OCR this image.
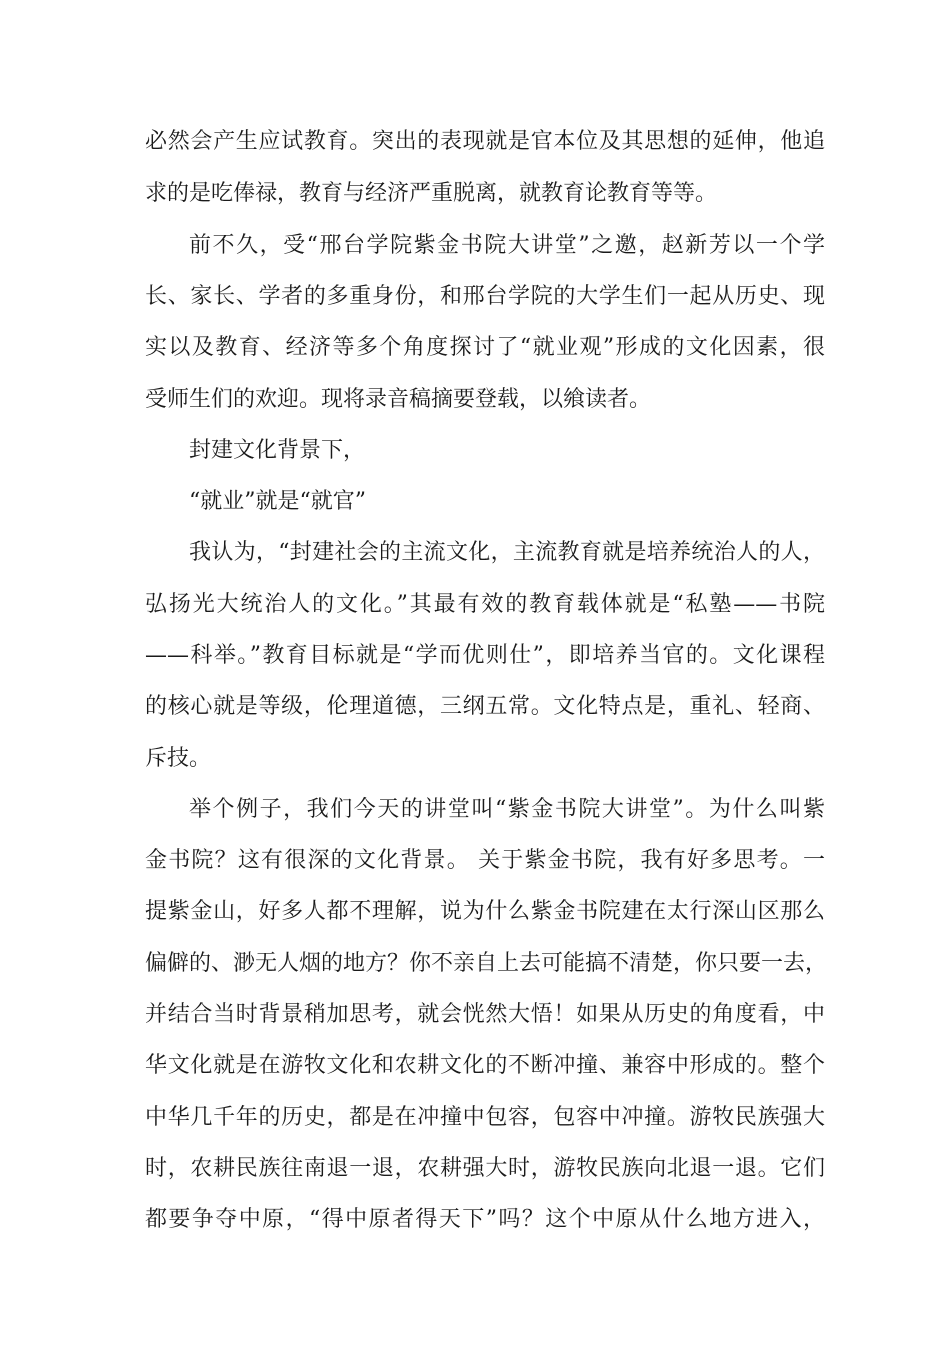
必然会产生应试教育。突出的表现就是官本位及其思想的延伸，他追
求的是吃俸禄，教育与经济严重脱离，就教育论教育等等。
前不久，受“邢台学院紫金书院大讲堂”之邀，赵新芳以一个学
长、家长、学者的多重身份，和邢台学院的大学生们一起从历史、现
实以及教育、经济等多个角度探讨了“就业观”形成的文化因素，很
受师生们的欢迎。现将录音稿摘要登载，以飨读者。
封建文化背景下，
“就业”就是“就官”
我认为，“封建社会的主流文化，主流教育就是培养统治人的人，
弘扬光大统治人的文化。”其最有效的教育载体就是“私塾——书院
——科举。”教育目标就是“学而优则仕”，即培养当官的。文化课程
的核心就是等级，伦理道德，三纲五常。文化特点是，重礼、轻商、
斥技。
举个例子，我们今天的讲堂叫“紫金书院大讲堂”。为什么叫紫
金书院？这有很深的文化背景。 关于紫金书院，我有好多思考。一
提紫金山，好多人都不理解，说为什么紫金书院建在太行深山区那么
偏僻的、渺无人烟的地方？你不亲自上去可能搞不清楚，你只要一去，
并结合当时背景稍加思考，就会恍然大悟！如果从历史的角度看，中
华文化就是在游牧文化和农耕文化的不断冲撞、兼容中形成的。整个
中华几千年的历史，都是在冲撞中包容，包容中冲撞。游牧民族强大
时，农耕民族往南退一退，农耕强大时，游牧民族向北退一退。它们
都要争夺中原，“得中原者得天下”吗？这个中原从什么地方进入，
